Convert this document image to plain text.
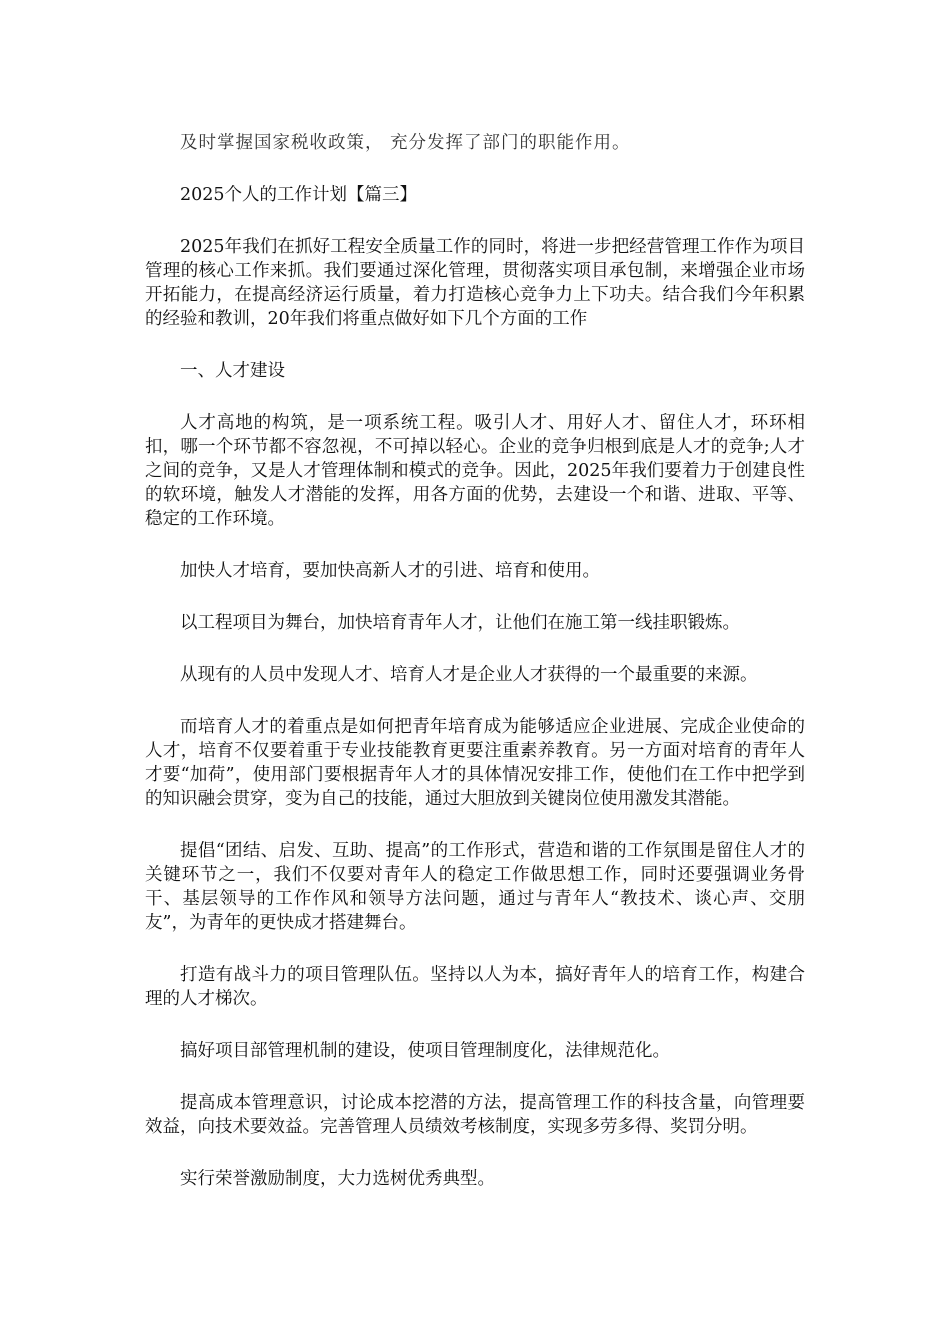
及时掌握国家税收政策， 充分发挥了部门的职能作用。

2025个人的工作计划【篇三】

2025年我们在抓好工程安全质量工作的同时，将进一步把经营管理工作作为项目管理的核心工作来抓。我们要通过深化管理，贯彻落实项目承包制，来增强企业市场开拓能力，在提高经济运行质量，着力打造核心竞争力上下功夫。结合我们今年积累的经验和教训，20年我们将重点做好如下几个方面的工作

一、人才建设

人才高地的构筑，是一项系统工程。吸引人才、用好人才、留住人才，环环相扣，哪一个环节都不容忽视，不可掉以轻心。企业的竞争归根到底是人才的竞争;人才之间的竞争，又是人才管理体制和模式的竞争。因此，2025年我们要着力于创建良性的软环境，触发人才潜能的发挥，用各方面的优势，去建设一个和谐、进取、平等、稳定的工作环境。

加快人才培育，要加快高新人才的引进、培育和使用。

以工程项目为舞台，加快培育青年人才，让他们在施工第一线挂职锻炼。

从现有的人员中发现人才、培育人才是企业人才获得的一个最重要的来源。

而培育人才的着重点是如何把青年培育成为能够适应企业进展、完成企业使命的人才，培育不仅要着重于专业技能教育更要注重素养教育。另一方面对培育的青年人才要“加荷”，使用部门要根据青年人才的具体情况安排工作，使他们在工作中把学到的知识融会贯穿，变为自己的技能，通过大胆放到关键岗位使用激发其潜能。

提倡“团结、启发、互助、提高”的工作形式，营造和谐的工作氛围是留住人才的关键环节之一，我们不仅要对青年人的稳定工作做思想工作，同时还要强调业务骨干、基层领导的工作作风和领导方法问题，通过与青年人“教技术、谈心声、交朋友”，为青年的更快成才搭建舞台。

打造有战斗力的项目管理队伍。坚持以人为本，搞好青年人的培育工作，构建合理的人才梯次。

搞好项目部管理机制的建设，使项目管理制度化，法律规范化。

提高成本管理意识，讨论成本挖潜的方法，提高管理工作的科技含量，向管理要效益，向技术要效益。完善管理人员绩效考核制度，实现多劳多得、奖罚分明。

实行荣誉激励制度，大力选树优秀典型。
